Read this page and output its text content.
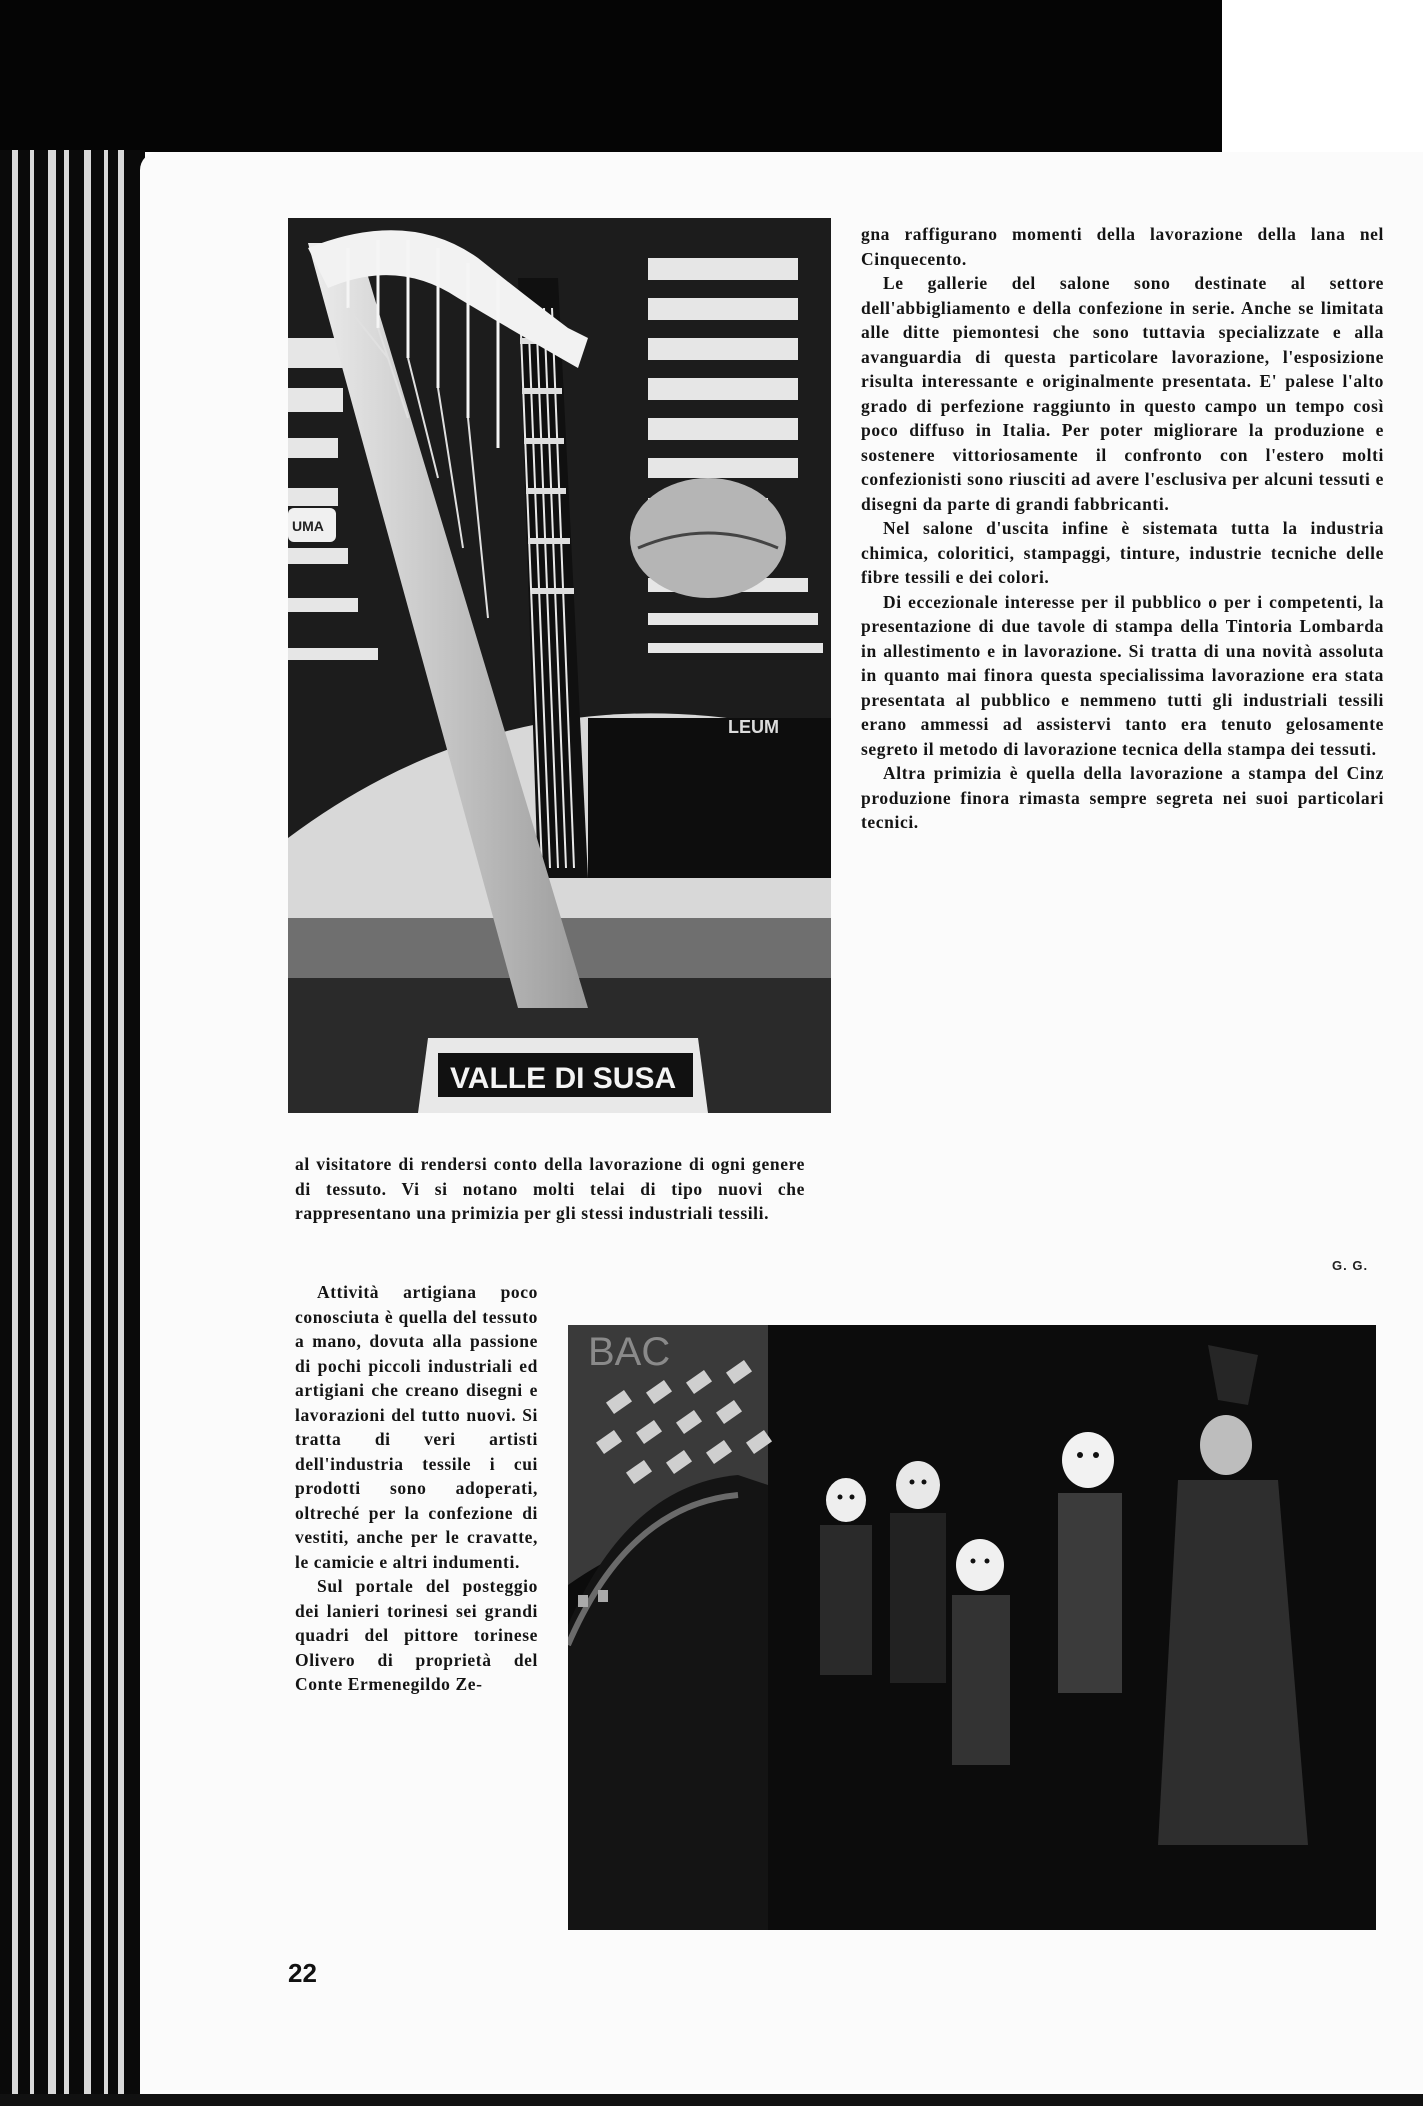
LEUM
UMA
VALLE DI SUSA

gna raffigurano momenti della lavorazione della lana nel Cinquecento.

Le gallerie del salone sono destinate al settore dell'abbigliamento e della confezione in serie. Anche se limitata alle ditte piemontesi che sono tuttavia specializzate e alla avanguardia di questa particolare lavorazione, l'esposizione risulta interessante e originalmente presentata. E' palese l'alto grado di perfezione raggiunto in questo campo un tempo così poco diffuso in Italia. Per poter migliorare la produzione e sostenere vittoriosamente il confronto con l'estero molti confezionisti sono riusciti ad avere l'esclusiva per alcuni tessuti e disegni da parte di grandi fabbricanti.

Nel salone d'uscita infine è sistemata tutta la industria chimica, coloritici, stampaggi, tinture, industrie tecniche delle fibre tessili e dei colori.

Di eccezionale interesse per il pubblico o per i competenti, la presentazione di due tavole di stampa della Tintoria Lombarda in allestimento e in lavorazione. Si tratta di una novità assoluta in quanto mai finora questa specialissima lavorazione era stata presentata al pubblico e nemmeno tutti gli industriali tessili erano ammessi ad assistervi tanto era tenuto gelosamente segreto il metodo di lavorazione tecnica della stampa dei tessuti.

Altra primizia è quella della lavorazione a stampa del Cinz produzione finora rimasta sempre segreta nei suoi particolari tecnici.

G. G.

al visitatore di rendersi conto della lavorazione di ogni genere di tessuto. Vi si notano molti telai di tipo nuovi che rappresentano una primizia per gli stessi industriali tessili.

Attività artigiana poco conosciuta è quella del tessuto a mano, dovuta alla passione di pochi piccoli industriali ed artigiani che creano disegni e lavorazioni del tutto nuovi. Si tratta di veri artisti dell'industria tessile i cui prodotti sono adoperati, oltreché per la confezione di vestiti, anche per le cravatte, le camicie e altri indumenti.

Sul portale del posteggio dei lanieri torinesi sei grandi quadri del pittore torinese Olivero di proprietà del Conte Ermenegildo Ze-

BAC
22
